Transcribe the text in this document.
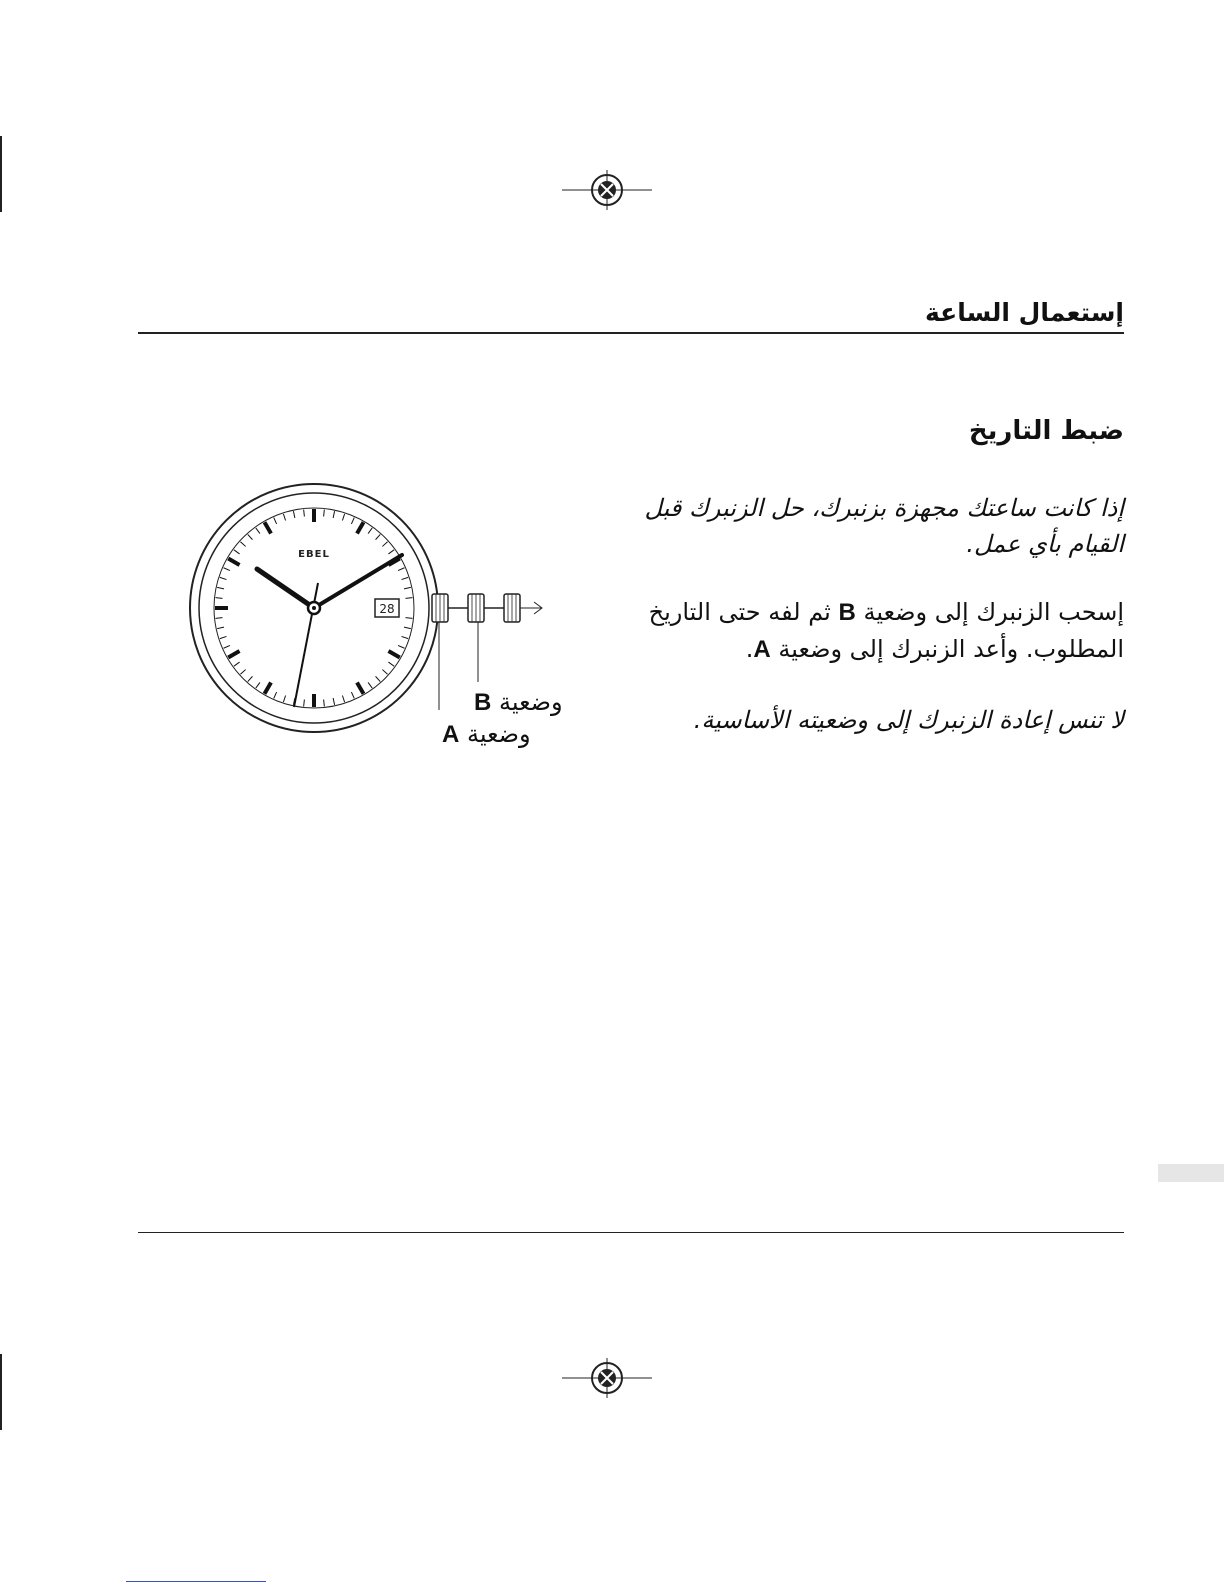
إستعمال الساعة
ضبط التاريخ
إذا كانت ساعتك مجهزة بزنبرك، حل الزنبرك قبل القيام بأي عمل.
إسحب الزنبرك إلى وضعية B ثم لفه حتى التاريخ المطلوب. وأعد الزنبرك إلى وضعية A.
لا تنس إعادة الزنبرك إلى وضعيته الأساسية.
EBEL
28
وضعية B
وضعية A
